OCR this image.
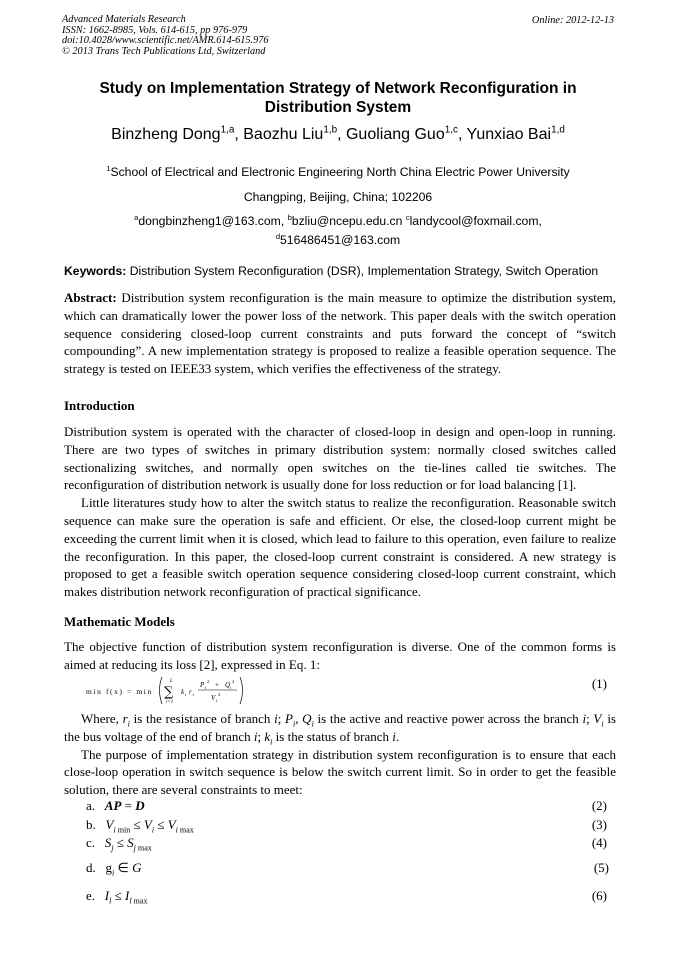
Advanced Materials Research
ISSN: 1662-8985, Vols. 614-615, pp 976-979
doi:10.4028/www.scientific.net/AMR.614-615.976
© 2013 Trans Tech Publications Ltd, Switzerland
Online: 2012-12-13
Study on Implementation Strategy of Network Reconfiguration in
Distribution System
Binzheng Dong$^{1,a}$, Baozhu Liu$^{1,b}$, Guoliang Guo$^{1,c}$, Yunxiao Bai$^{1,d}$
$^1$School of Electrical and Electronic Engineering North China Electric Power University
Changping, Beijing, China; 102206
$^a$dongbinzheng1@163.com, $^b$bzliu@ncepu.edu.cn $^c$landycool@foxmail.com,
$^d$516486451@163.com
Keywords: Distribution System Reconfiguration (DSR), Implementation Strategy, Switch Operation

Abstract: Distribution system reconfiguration is the main measure to optimize the distribution system, which can dramatically lower the power loss of the network. This paper deals with the switch operation sequence considering closed-loop current constraints and puts forward the concept of “switch compounding”. A new implementation strategy is proposed to realize a feasible operation sequence. The strategy is tested on IEEE33 system, which verifies the effectiveness of the strategy.

Introduction

Distribution system is operated with the character of closed-loop in design and open-loop in running. There are two types of switches in primary distribution system: normally closed switches called sectionalizing switches, and normally open switches on the tie-lines called tie switches. The reconfiguration of distribution network is usually done for loss reduction or for load balancing [1].

Little literatures study how to alter the switch status to realize the reconfiguration. Reasonable switch sequence can make sure the operation is safe and efficient. Or else, the closed-loop current might be exceeding the current limit when it is closed, which lead to failure to this operation, even failure to realize the reconfiguration. In this paper, the closed-loop current constraint is considered. A new strategy is proposed to get a feasible switch operation sequence considering closed-loop current constraint, which makes distribution network reconfiguration of practical significance.

Mathematic Models
The objective function of distribution system reconfiguration is diverse. One of the common forms is aimed at reducing its loss [2], expressed in Eq. 1:
min f(x) = min
L
∑
i=1
k i r i
P i
2 + Q i
2
V i
2
(1)

Where, $r_i$ is the resistance of branch i; $P_i$, $Q_i$ is the active and reactive power across the branch i; $V_i$ is the bus voltage of the end of branch i; $k_i$ is the status of branch i.

The purpose of implementation strategy in distribution system reconfiguration is to ensure that each close-loop operation in switch sequence is below the switch current limit. So in order to get the feasible solution, there are several constraints to meet:

a. AP = D	(2)
b. $V_{i min} \le V_i \le V_{i max}$	(3)
c. $S_j \le S_{j max}$	(4)
d. $g_i$ ∈ G	(5)
e. $I_l \le I_{l max}$	(6)
